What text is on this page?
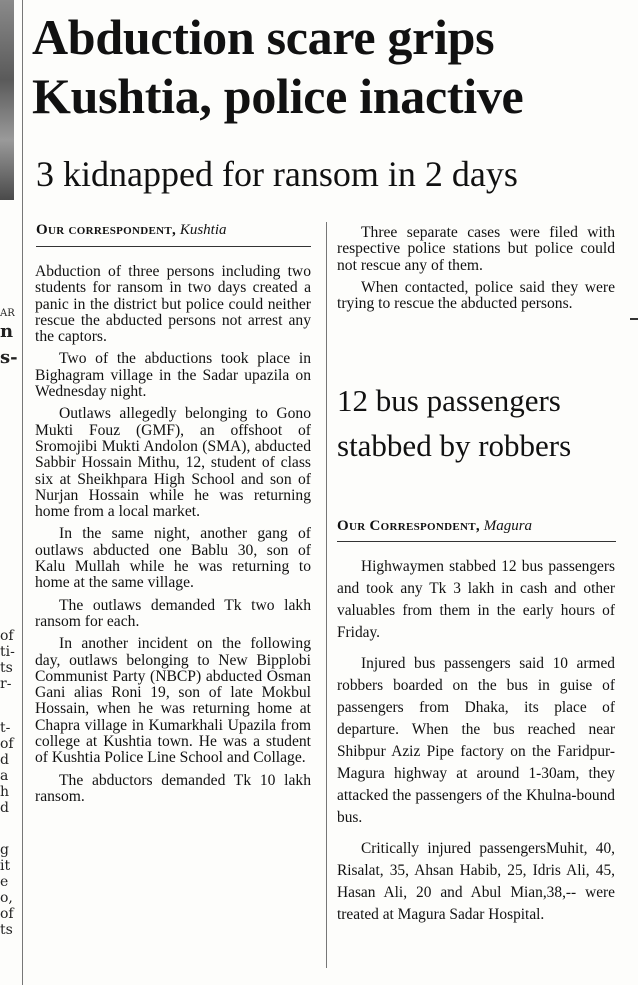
AR
n
s-
of
ti-
ts
r-
t-
of
d
a
h
d
g
it
e
o,
of
ts
Abduction scare grips Kushtia, police inactive
3 kidnapped for ransom in 2 days
Our correspondent, Kushtia

Abduction of three persons including two students for ransom in two days created a panic in the district but police could neither rescue the abducted persons not arrest any the captors.

Two of the abductions took place in Bighagram village in the Sadar upazila on Wednesday night.

Outlaws allegedly belonging to Gono Mukti Fouz (GMF), an offshoot of Sromojibi Mukti Andolon (SMA), abducted Sabbir Hossain Mithu, 12, student of class six at Sheikhpara High School and son of Nurjan Hossain while he was returning home from a local market.

In the same night, another gang of outlaws abducted one Bablu 30, son of Kalu Mullah while he was returning to home at the same village.

The outlaws demanded Tk two lakh ransom for each.

In another incident on the following day, outlaws belonging to New Bipplobi Communist Party (NBCP) abducted Osman Gani alias Roni 19, son of late Mokbul Hossain, when he was returning home at Chapra village in Kumarkhali Upazila from college at Kushtia town. He was a student of Kushtia Police Line School and Collage.

The abductors demanded Tk 10 lakh ransom.

Three separate cases were filed with respective police stations but police could not rescue any of them.

When contacted, police said they were trying to rescue the abducted persons.

12 bus passengers stabbed by robbers
Our Correspondent, Magura

Highwaymen stabbed 12 bus passengers and took any Tk 3 lakh in cash and other valuables from them in the early hours of Friday.

Injured bus passengers said 10 armed robbers boarded on the bus in guise of passengers from Dhaka, its place of departure. When the bus reached near Shibpur Aziz Pipe factory on the Faridpur-Magura highway at around 1-30am, they attacked the passengers of the Khulna-bound bus.

Critically injured passengersMuhit, 40, Risalat, 35, Ahsan Habib, 25, Idris Ali, 45, Hasan Ali, 20 and Abul Mian,38,-- were treated at Magura Sadar Hospital.
